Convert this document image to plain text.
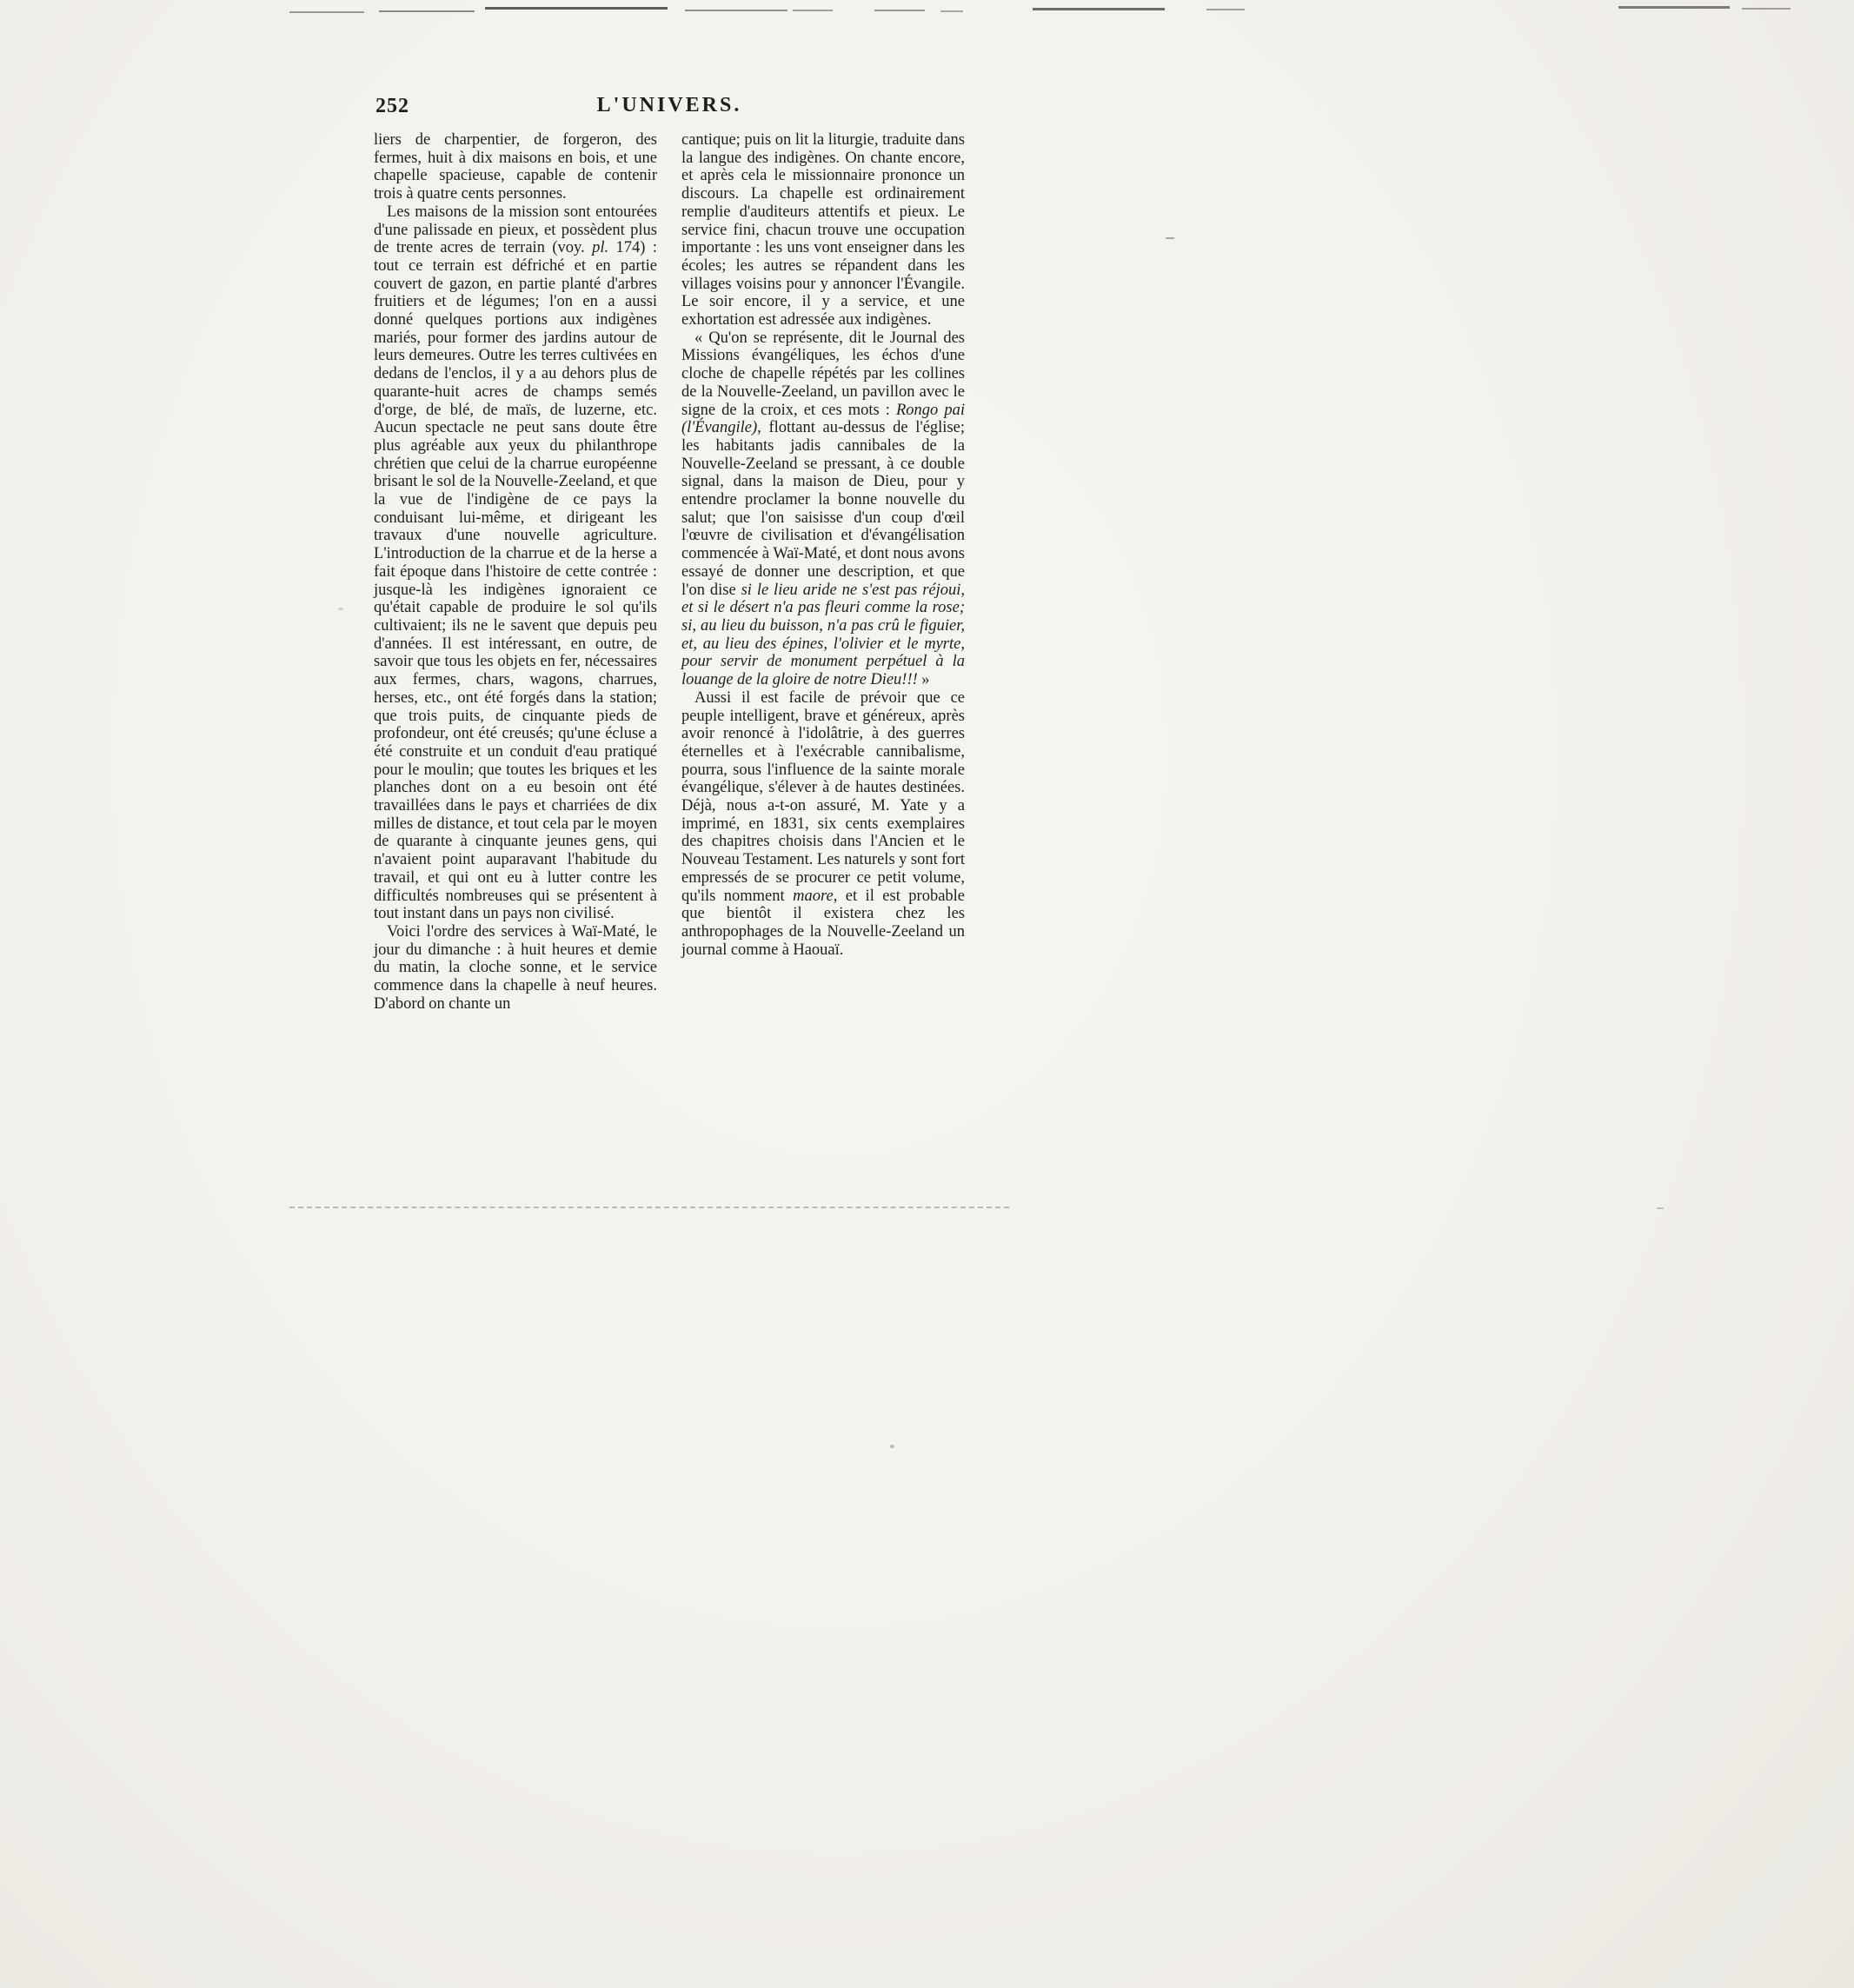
252	L'UNIVERS.

liers de charpentier, de forgeron, des fermes, huit à dix maisons en bois, et une chapelle spacieuse, capable de contenir trois à quatre cents personnes.

Les maisons de la mission sont entourées d'une palissade en pieux, et possèdent plus de trente acres de terrain (voy. pl. 174) : tout ce terrain est défriché et en partie couvert de gazon, en partie planté d'arbres fruitiers et de légumes; l'on en a aussi donné quelques portions aux indigènes mariés, pour former des jardins autour de leurs demeures. Outre les terres cultivées en dedans de l'enclos, il y a au dehors plus de quarante-huit acres de champs semés d'orge, de blé, de maïs, de luzerne, etc. Aucun spectacle ne peut sans doute être plus agréable aux yeux du philanthrope chrétien que celui de la charrue européenne brisant le sol de la Nouvelle-Zeeland, et que la vue de l'indigène de ce pays la conduisant lui-même, et dirigeant les travaux d'une nouvelle agriculture. L'introduction de la charrue et de la herse a fait époque dans l'histoire de cette contrée : jusque-là les indigènes ignoraient ce qu'était capable de produire le sol qu'ils cultivaient; ils ne le savent que depuis peu d'années. Il est intéressant, en outre, de savoir que tous les objets en fer, nécessaires aux fermes, chars, wagons, charrues, herses, etc., ont été forgés dans la station; que trois puits, de cinquante pieds de profondeur, ont été creusés; qu'une écluse a été construite et un conduit d'eau pratiqué pour le moulin; que toutes les briques et les planches dont on a eu besoin ont été travaillées dans le pays et charriées de dix milles de distance, et tout cela par le moyen de quarante à cinquante jeunes gens, qui n'avaient point auparavant l'habitude du travail, et qui ont eu à lutter contre les difficultés nombreuses qui se présentent à tout instant dans un pays non civilisé.

Voici l'ordre des services à Waï-Maté, le jour du dimanche : à huit heures et demie du matin, la cloche sonne, et le service commence dans la chapelle à neuf heures. D'abord on chante un

cantique; puis on lit la liturgie, traduite dans la langue des indigènes. On chante encore, et après cela le missionnaire prononce un discours. La chapelle est ordinairement remplie d'auditeurs attentifs et pieux. Le service fini, chacun trouve une occupation importante : les uns vont enseigner dans les écoles; les autres se répandent dans les villages voisins pour y annoncer l'Évangile. Le soir encore, il y a service, et une exhortation est adressée aux indigènes.

« Qu'on se représente, dit le Journal des Missions évangéliques, les échos d'une cloche de chapelle répétés par les collines de la Nouvelle-Zeeland, un pavillon avec le signe de la croix, et ces mots : Rongo pai (l'Évangile), flottant au-dessus de l'église; les habitants jadis cannibales de la Nouvelle-Zeeland se pressant, à ce double signal, dans la maison de Dieu, pour y entendre proclamer la bonne nouvelle du salut; que l'on saisisse d'un coup d'œil l'œuvre de civilisation et d'évangélisation commencée à Waï-Maté, et dont nous avons essayé de donner une description, et que l'on dise si le lieu aride ne s'est pas réjoui, et si le désert n'a pas fleuri comme la rose; si, au lieu du buisson, n'a pas crû le figuier, et, au lieu des épines, l'olivier et le myrte, pour servir de monument perpétuel à la louange de la gloire de notre Dieu!!! »

Aussi il est facile de prévoir que ce peuple intelligent, brave et généreux, après avoir renoncé à l'idolâtrie, à des guerres éternelles et à l'exécrable cannibalisme, pourra, sous l'influence de la sainte morale évangélique, s'élever à de hautes destinées. Déjà, nous a-t-on assuré, M. Yate y a imprimé, en 1831, six cents exemplaires des chapitres choisis dans l'Ancien et le Nouveau Testament. Les naturels y sont fort empressés de se procurer ce petit volume, qu'ils nomment maore, et il est probable que bientôt il existera chez les anthropophages de la Nouvelle-Zeeland un journal comme à Haouaï.
